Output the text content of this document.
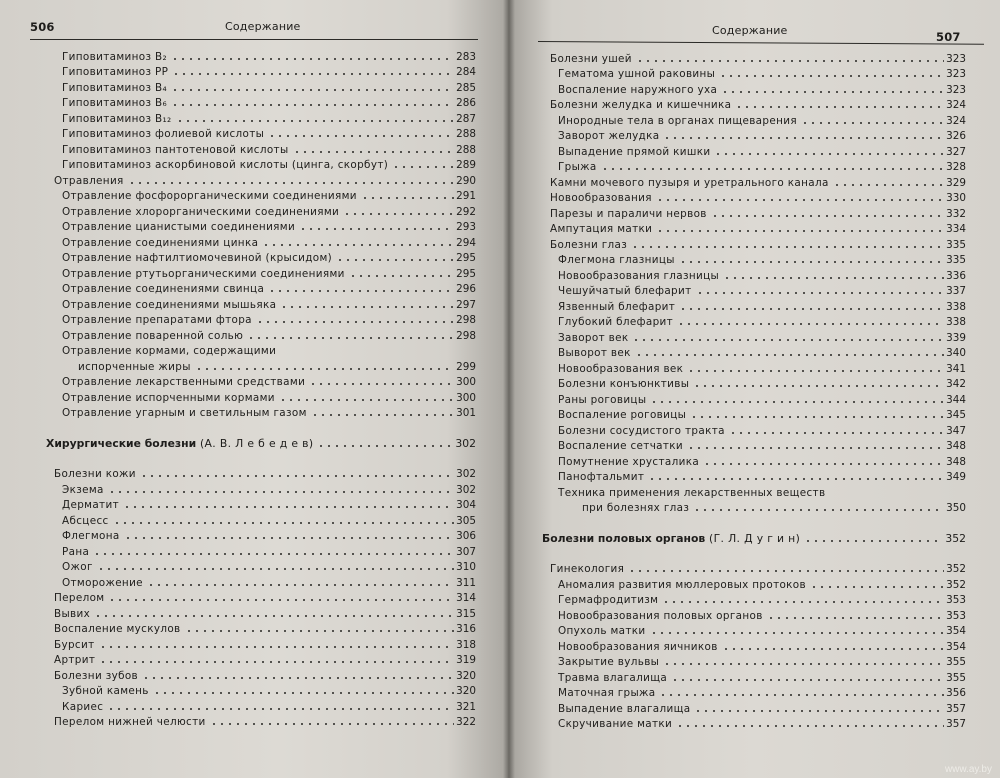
506	Содержание
Гиповитаминоз B₂	283
Гиповитаминоз PP	284
Гиповитаминоз B₄	285
Гиповитаминоз B₆	286
Гиповитаминоз B₁₂	287
Гиповитаминоз фолиевой кислоты	288
Гиповитаминоз пантотеновой кислоты	288
Гиповитаминоз аскорбиновой кислоты (цинга, скорбут)	289
Отравления	290
Отравление фосфорорганическими соединениями	291
Отравление хлорорганическими соединениями	292
Отравление цианистыми соединениями	293
Отравление соединениями цинка	294
Отравление нафтилтиомочевиной (крысидом)	295
Отравление ртутьорганическими соединениями	295
Отравление соединениями свинца	296
Отравление соединениями мышьяка	297
Отравление препаратами фтора	298
Отравление поваренной солью	298
Отравление кормами, содержащими
испорченные жиры	299
Отравление лекарственными средствами	300
Отравление испорченными кормами	300
Отравление угарным и светильным газом	301
Хирургические болезни (А. В. Л е б е д е в)	302
Болезни кожи	302
Экзема	302
Дерматит	304
Абсцесс	305
Флегмона	306
Рана	307
Ожог	310
Отморожение	311
Перелом	314
Вывих	315
Воспаление мускулов	316
Бурсит	318
Артрит	319
Болезни зубов	320
Зубной камень	320
Кариес	321
Перелом нижней челюсти	322
Содержание	507
Болезни ушей	323
Гематома ушной раковины	323
Воспаление наружного уха	323
Болезни желудка и кишечника	324
Инородные тела в органах пищеварения	324
Заворот желудка	326
Выпадение прямой кишки	327
Грыжа	328
Камни мочевого пузыря и уретрального канала	329
Новообразования	330
Парезы и параличи нервов	332
Ампутация матки	334
Болезни глаз	335
Флегмона глазницы	335
Новообразования глазницы	336
Чешуйчатый блефарит	337
Язвенный блефарит	338
Глубокий блефарит	338
Заворот век	339
Выворот век	340
Новообразования век	341
Болезни конъюнктивы	342
Раны роговицы	344
Воспаление роговицы	345
Болезни сосудистого тракта	347
Воспаление сетчатки	348
Помутнение хрусталика	348
Панофтальмит	349
Техника применения лекарственных веществ
при болезнях глаз	350
Болезни половых органов (Г. Л. Д у г и н)	352
Гинекология	352
Аномалия развития мюллеровых протоков	352
Гермафродитизм	353
Новообразования половых органов	353
Опухоль матки	354
Новообразования яичников	354
Закрытие вульвы	355
Травма влагалища	355
Маточная грыжа	356
Выпадение влагалища	357
Скручивание матки	357
www.ay.by
